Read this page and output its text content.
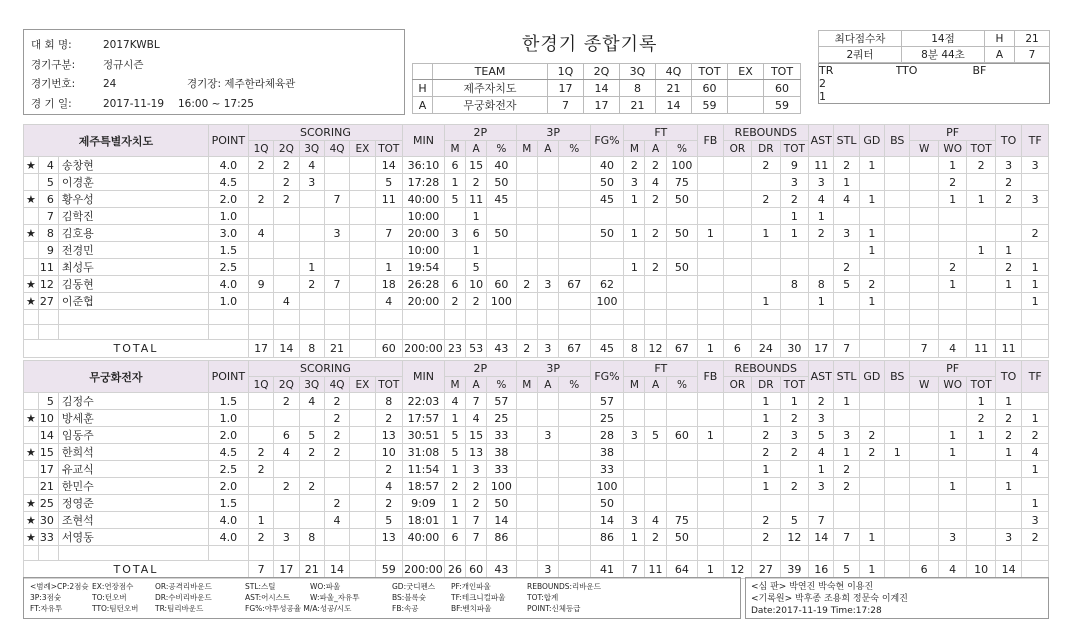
대 회 명:	2017KWBL
경기구분:	정규시즌
경기번호:	24	경기장: 제주한라체육관
경 기 일:	2017-11-19 16:00 ~ 17:25
한경기 종합기록
	TEAM	1Q	2Q	3Q	4Q	TOT	EX	TOT
H	제주자치도	17	14	8	21	60		60
A	무궁화전자	7	17	21	14	59		59
최다점수차	14점	H	21
2쿼터	8분 44초	A	7
TR	TTO	BF
2		
1		
제주특별자치도			POINT	SCORING						MIN	2P			3P			FG%	FT			FB	REBOUNDS			AST	STL	GD	BS	PF			TO	TF
				1Q	2Q	3Q	4Q	EX	TOT		M	A	%	M	A	%		M	A	%		OR	DR	TOT					W	WO	TOT		
★	4	송창현	4.0	2	2	4			14	36:10	6	15	40				40	2	2	100			2	9	11	2	1			1	2	3	3
	5	이경훈	4.5		2	3			5	17:28	1	2	50				50	3	4	75				3	3	1				2		2	
★	6	황우성	2.0	2	2		7		11	40:00	5	11	45				45	1	2	50			2	2	4	4	1			1	1	2	3
	7	김학진	1.0							10:00		1												1	1								
★	8	김호용	3.0	4			3		7	20:00	3	6	50				50	1	2	50	1		1	1	2	3	1						2
	9	전경민	1.5							10:00		1															1				1	1	
	11	최성두	2.5			1			1	19:54		5						1	2	50						2				2		2	1
★	12	김동현	4.0	9		2	7		18	26:28	6	10	60	2	3	67	62							8	8	5	2			1		1	1
★	27	이준협	1.0		4				4	20:00	2	2	100				100						1		1		1						1

TOTAL				17	14	8	21		60	200:00	23	53	43	2	3	67	45	8	12	67	1	6	24	30	17	7			7	4	11	11	
무궁화전자			POINT	SCORING						MIN	2P			3P			FG%	FT			FB	REBOUNDS			AST	STL	GD	BS	PF			TO	TF
				1Q	2Q	3Q	4Q	EX	TOT		M	A	%	M	A	%		M	A	%		OR	DR	TOT					W	WO	TOT		
	5	김정수	1.5		2	4	2		8	22:03	4	7	57				57						1	1	2	1					1	1	
★	10	방세훈	1.0				2		2	17:57	1	4	25				25						1	2	3						2	2	1
	14	임동주	2.0		6	5	2		13	30:51	5	15	33		3		28	3	5	60	1		2	3	5	3	2			1	1	2	2
★	15	한희석	4.5	2	4	2	2		10	31:08	5	13	38				38						2	2	4	1	2	1		1		1	4
	17	유교식	2.5	2					2	11:54	1	3	33				33						1		1	2							1
	21	한민수	2.0		2	2			4	18:57	2	2	100				100						1	2	3	2				1		1	
★	25	정영준	1.5				2		2	9:09	1	2	50				50																1
★	30	조현석	4.0	1			4		5	18:01	1	7	14				14	3	4	75			2	5	7								3
★	33	서영동	4.0	2	3	8			13	40:00	6	7	86				86	1	2	50			2	12	14	7	1			3		3	2

TOTAL				7	17	21	14		59	200:00	26	60	43		3		41	7	11	64	1	12	27	39	16	5	1		6	4	10	14	
<범례>CP:2점슛 EX:연장점수	OR:공격리바운드	STL:스틸	WO:파울	GD:굿디펜스 PF:개인파울	REBOUNDS:리바운드
3P:3점슛	TO:턴오버	DR:수비리바운드	AST:어시스트	W:파울_자유투	BS:블록슛	TF:테크니컬파울	TOT:합계
FT:자유투	TTO:팀턴오버 TR:팀리바운드	FG%:야투성공율 M/A:성공/시도	FB:속공	BF:벤치파울	POINT:신체등급
<심 판> 박연진 박숙현 이용진
<기록원> 박후종 조용희 정문숙 이계진
Date:2017-11-19 Time:17:28
